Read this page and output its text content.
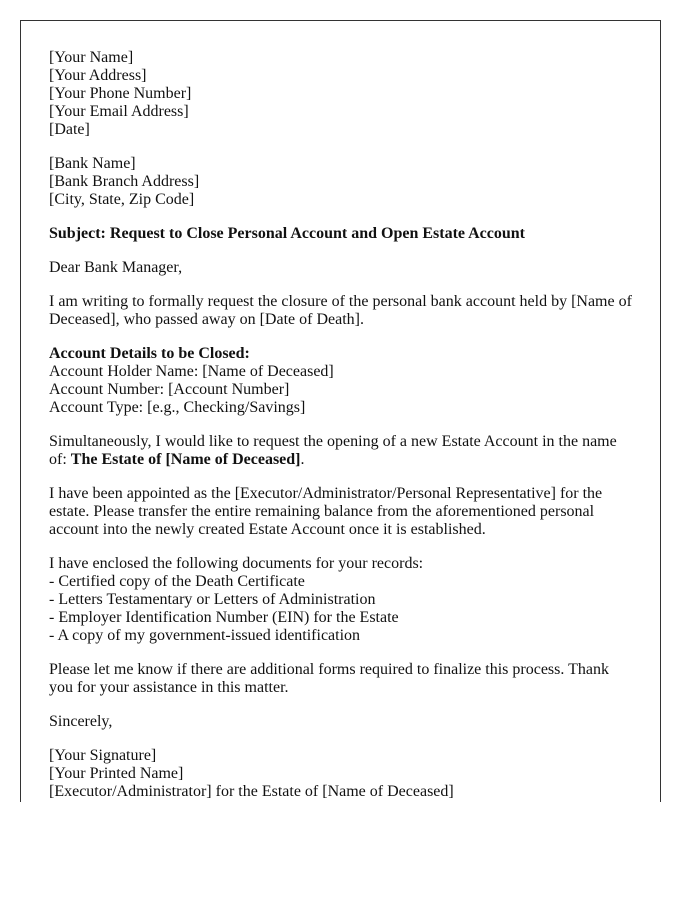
[Your Name]
[Your Address]
[Your Phone Number]
[Your Email Address]
[Date]
[Bank Name]
[Bank Branch Address]
[City, State, Zip Code]
Subject: Request to Close Personal Account and Open Estate Account
Dear Bank Manager,
I am writing to formally request the closure of the personal bank account held by [Name of
Deceased], who passed away on [Date of Death].
Account Details to be Closed:
Account Holder Name: [Name of Deceased]
Account Number: [Account Number]
Account Type: [e.g., Checking/Savings]
Simultaneously, I would like to request the opening of a new Estate Account in the name
of: The Estate of [Name of Deceased].
I have been appointed as the [Executor/Administrator/Personal Representative] for the
estate. Please transfer the entire remaining balance from the aforementioned personal
account into the newly created Estate Account once it is established.
I have enclosed the following documents for your records:
- Certified copy of the Death Certificate
- Letters Testamentary or Letters of Administration
- Employer Identification Number (EIN) for the Estate
- A copy of my government-issued identification
Please let me know if there are additional forms required to finalize this process. Thank
you for your assistance in this matter.
Sincerely,
[Your Signature]
[Your Printed Name]
[Executor/Administrator] for the Estate of [Name of Deceased]
